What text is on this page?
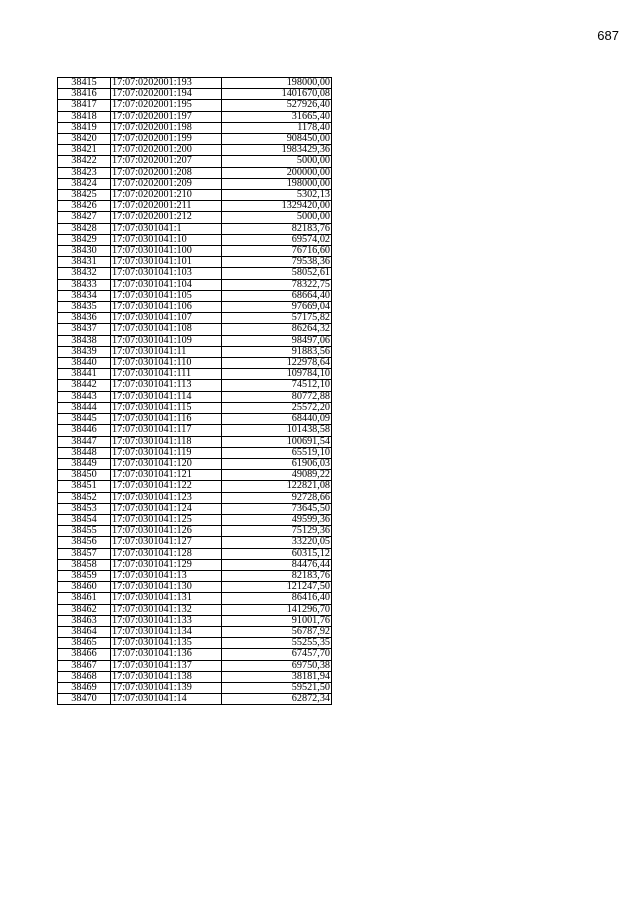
687
38415	17:07:0202001:193	198000,00
38416	17:07:0202001:194	1401670,08
38417	17:07:0202001:195	527926,40
38418	17:07:0202001:197	31665,40
38419	17:07:0202001:198	1178,40
38420	17:07:0202001:199	908450,00
38421	17:07:0202001:200	1983429,36
38422	17:07:0202001:207	5000,00
38423	17:07:0202001:208	200000,00
38424	17:07:0202001:209	198000,00
38425	17:07:0202001:210	5302,13
38426	17:07:0202001:211	1329420,00
38427	17:07:0202001:212	5000,00
38428	17:07:0301041:1	82183,76
38429	17:07:0301041:10	69574,02
38430	17:07:0301041:100	76716,60
38431	17:07:0301041:101	79538,36
38432	17:07:0301041:103	58052,61
38433	17:07:0301041:104	78322,75
38434	17:07:0301041:105	68664,40
38435	17:07:0301041:106	97669,04
38436	17:07:0301041:107	57175,82
38437	17:07:0301041:108	86264,32
38438	17:07:0301041:109	98497,06
38439	17:07:0301041:11	91883,56
38440	17:07:0301041:110	122978,64
38441	17:07:0301041:111	109784,10
38442	17:07:0301041:113	74512,10
38443	17:07:0301041:114	80772,88
38444	17:07:0301041:115	25572,20
38445	17:07:0301041:116	68440,09
38446	17:07:0301041:117	101438,58
38447	17:07:0301041:118	100691,54
38448	17:07:0301041:119	65519,10
38449	17:07:0301041:120	61906,03
38450	17:07:0301041:121	49089,22
38451	17:07:0301041:122	122821,08
38452	17:07:0301041:123	92728,66
38453	17:07:0301041:124	73645,50
38454	17:07:0301041:125	49599,36
38455	17:07:0301041:126	75129,36
38456	17:07:0301041:127	33220,05
38457	17:07:0301041:128	60315,12
38458	17:07:0301041:129	84476,44
38459	17:07:0301041:13	82183,76
38460	17:07:0301041:130	121247,50
38461	17:07:0301041:131	86416,40
38462	17:07:0301041:132	141296,70
38463	17:07:0301041:133	91001,76
38464	17:07:0301041:134	56787,92
38465	17:07:0301041:135	55255,35
38466	17:07:0301041:136	67457,70
38467	17:07:0301041:137	69750,38
38468	17:07:0301041:138	38181,94
38469	17:07:0301041:139	59521,50
38470	17:07:0301041:14	62872,34
